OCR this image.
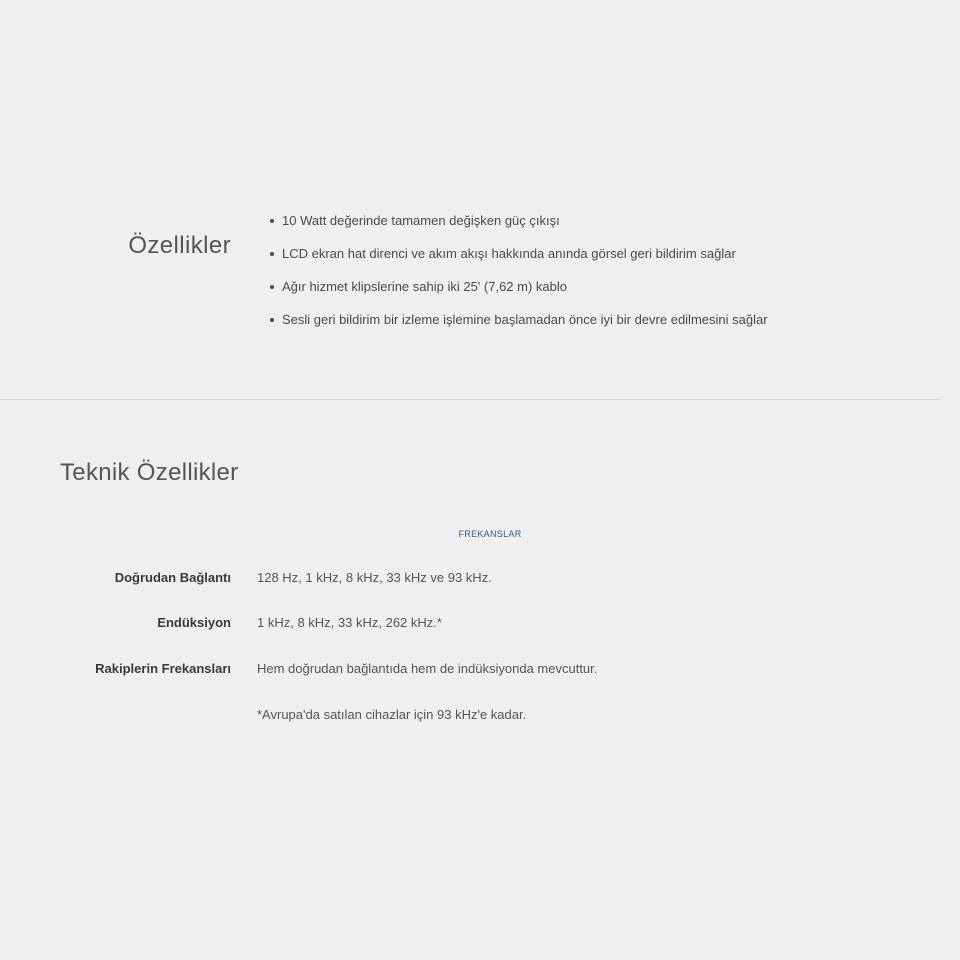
Özellikler
10 Watt değerinde tamamen değişken güç çıkışı
LCD ekran hat direnci ve akım akışı hakkında anında görsel geri bildirim sağlar
Ağır hizmet klipslerine sahip iki 25' (7,62 m) kablo
Sesli geri bildirim bir izleme işlemine başlamadan önce iyi bir devre edilmesini sağlar
Teknik Özellikler
FREKANSLAR
Doğrudan Bağlantı 128 Hz, 1 kHz, 8 kHz, 33 kHz ve 93 kHz.
Endüksiyon 1 kHz, 8 kHz, 33 kHz, 262 kHz.*
Rakiplerin Frekansları Hem doğrudan bağlantıda hem de indüksiyonda mevcuttur.
*Avrupa'da satılan cihazlar için 93 kHz'e kadar.
